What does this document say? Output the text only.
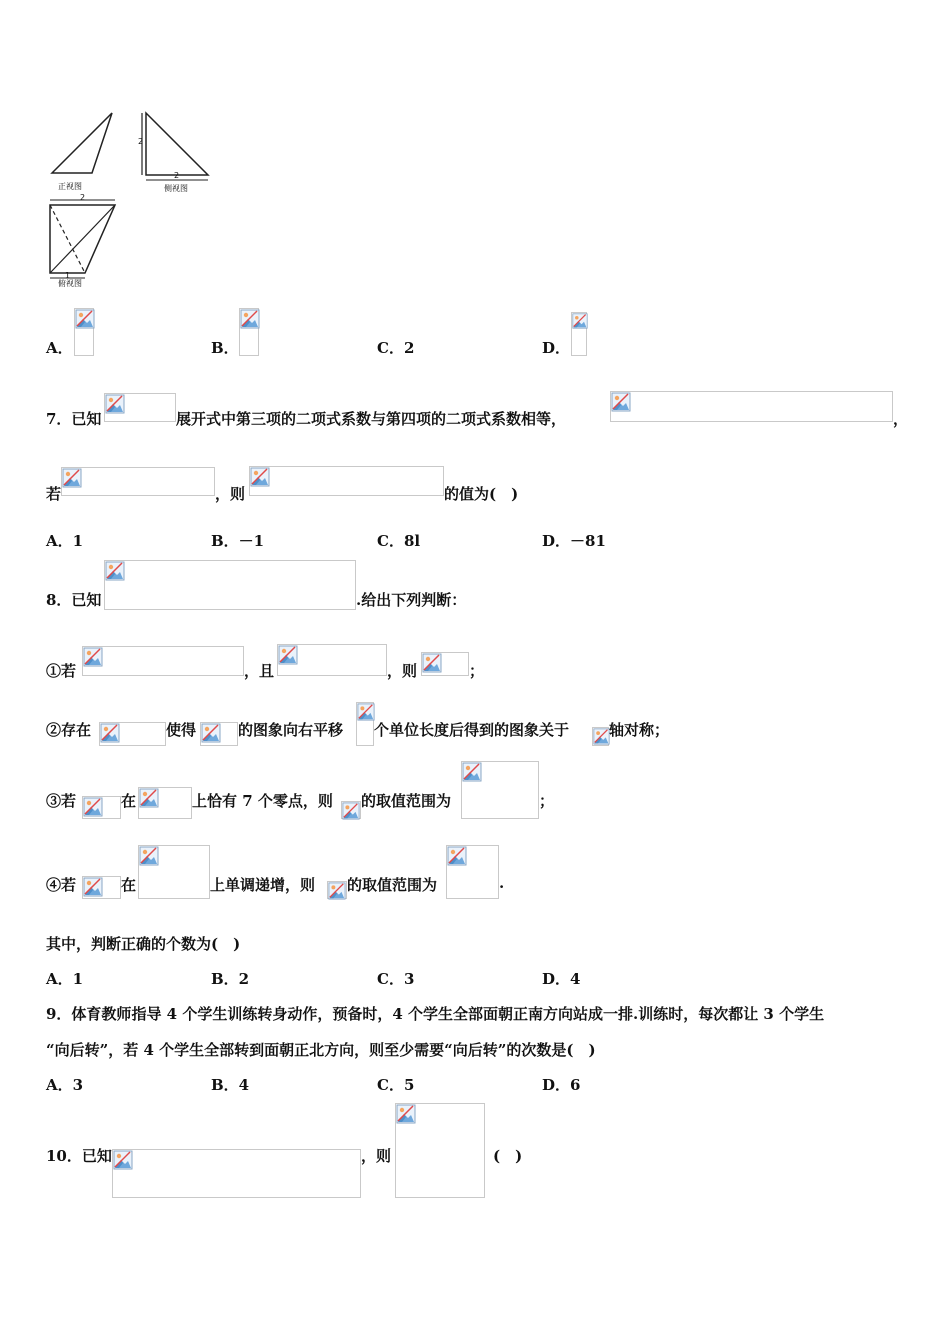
正视图	侧视图
2
2
2
1
俯视图
A．	B．	C．2	D．
7．已知	展开式中第三项的二项式系数与第四项的二项式系数相等，	，
若	，则	的值为(　)
A．1	B．－1	C．8l	D．－81
8．已知	.给出下列判断：
①若	，且	，则	；
②存在	使得	的图象向右平移 个单位长度后得到的图象关于	轴对称；
③若	在	上恰有 7 个零点，则 的取值范围为	；
④若	在	上单调递增，则 的取值范围为	.
其中，判断正确的个数为(　)
A．1	B．2	C．3	D．4
9．体育教师指导 4 个学生训练转身动作，预备时，4 个学生全部面朝正南方向站成一排.训练时，每次都让 3 个学生
“向后转”，若 4 个学生全部转到面朝正北方向，则至少需要“向后转”的次数是(　)
A．3	B．4	C．5	D．6
10．已知	，则	(　)
